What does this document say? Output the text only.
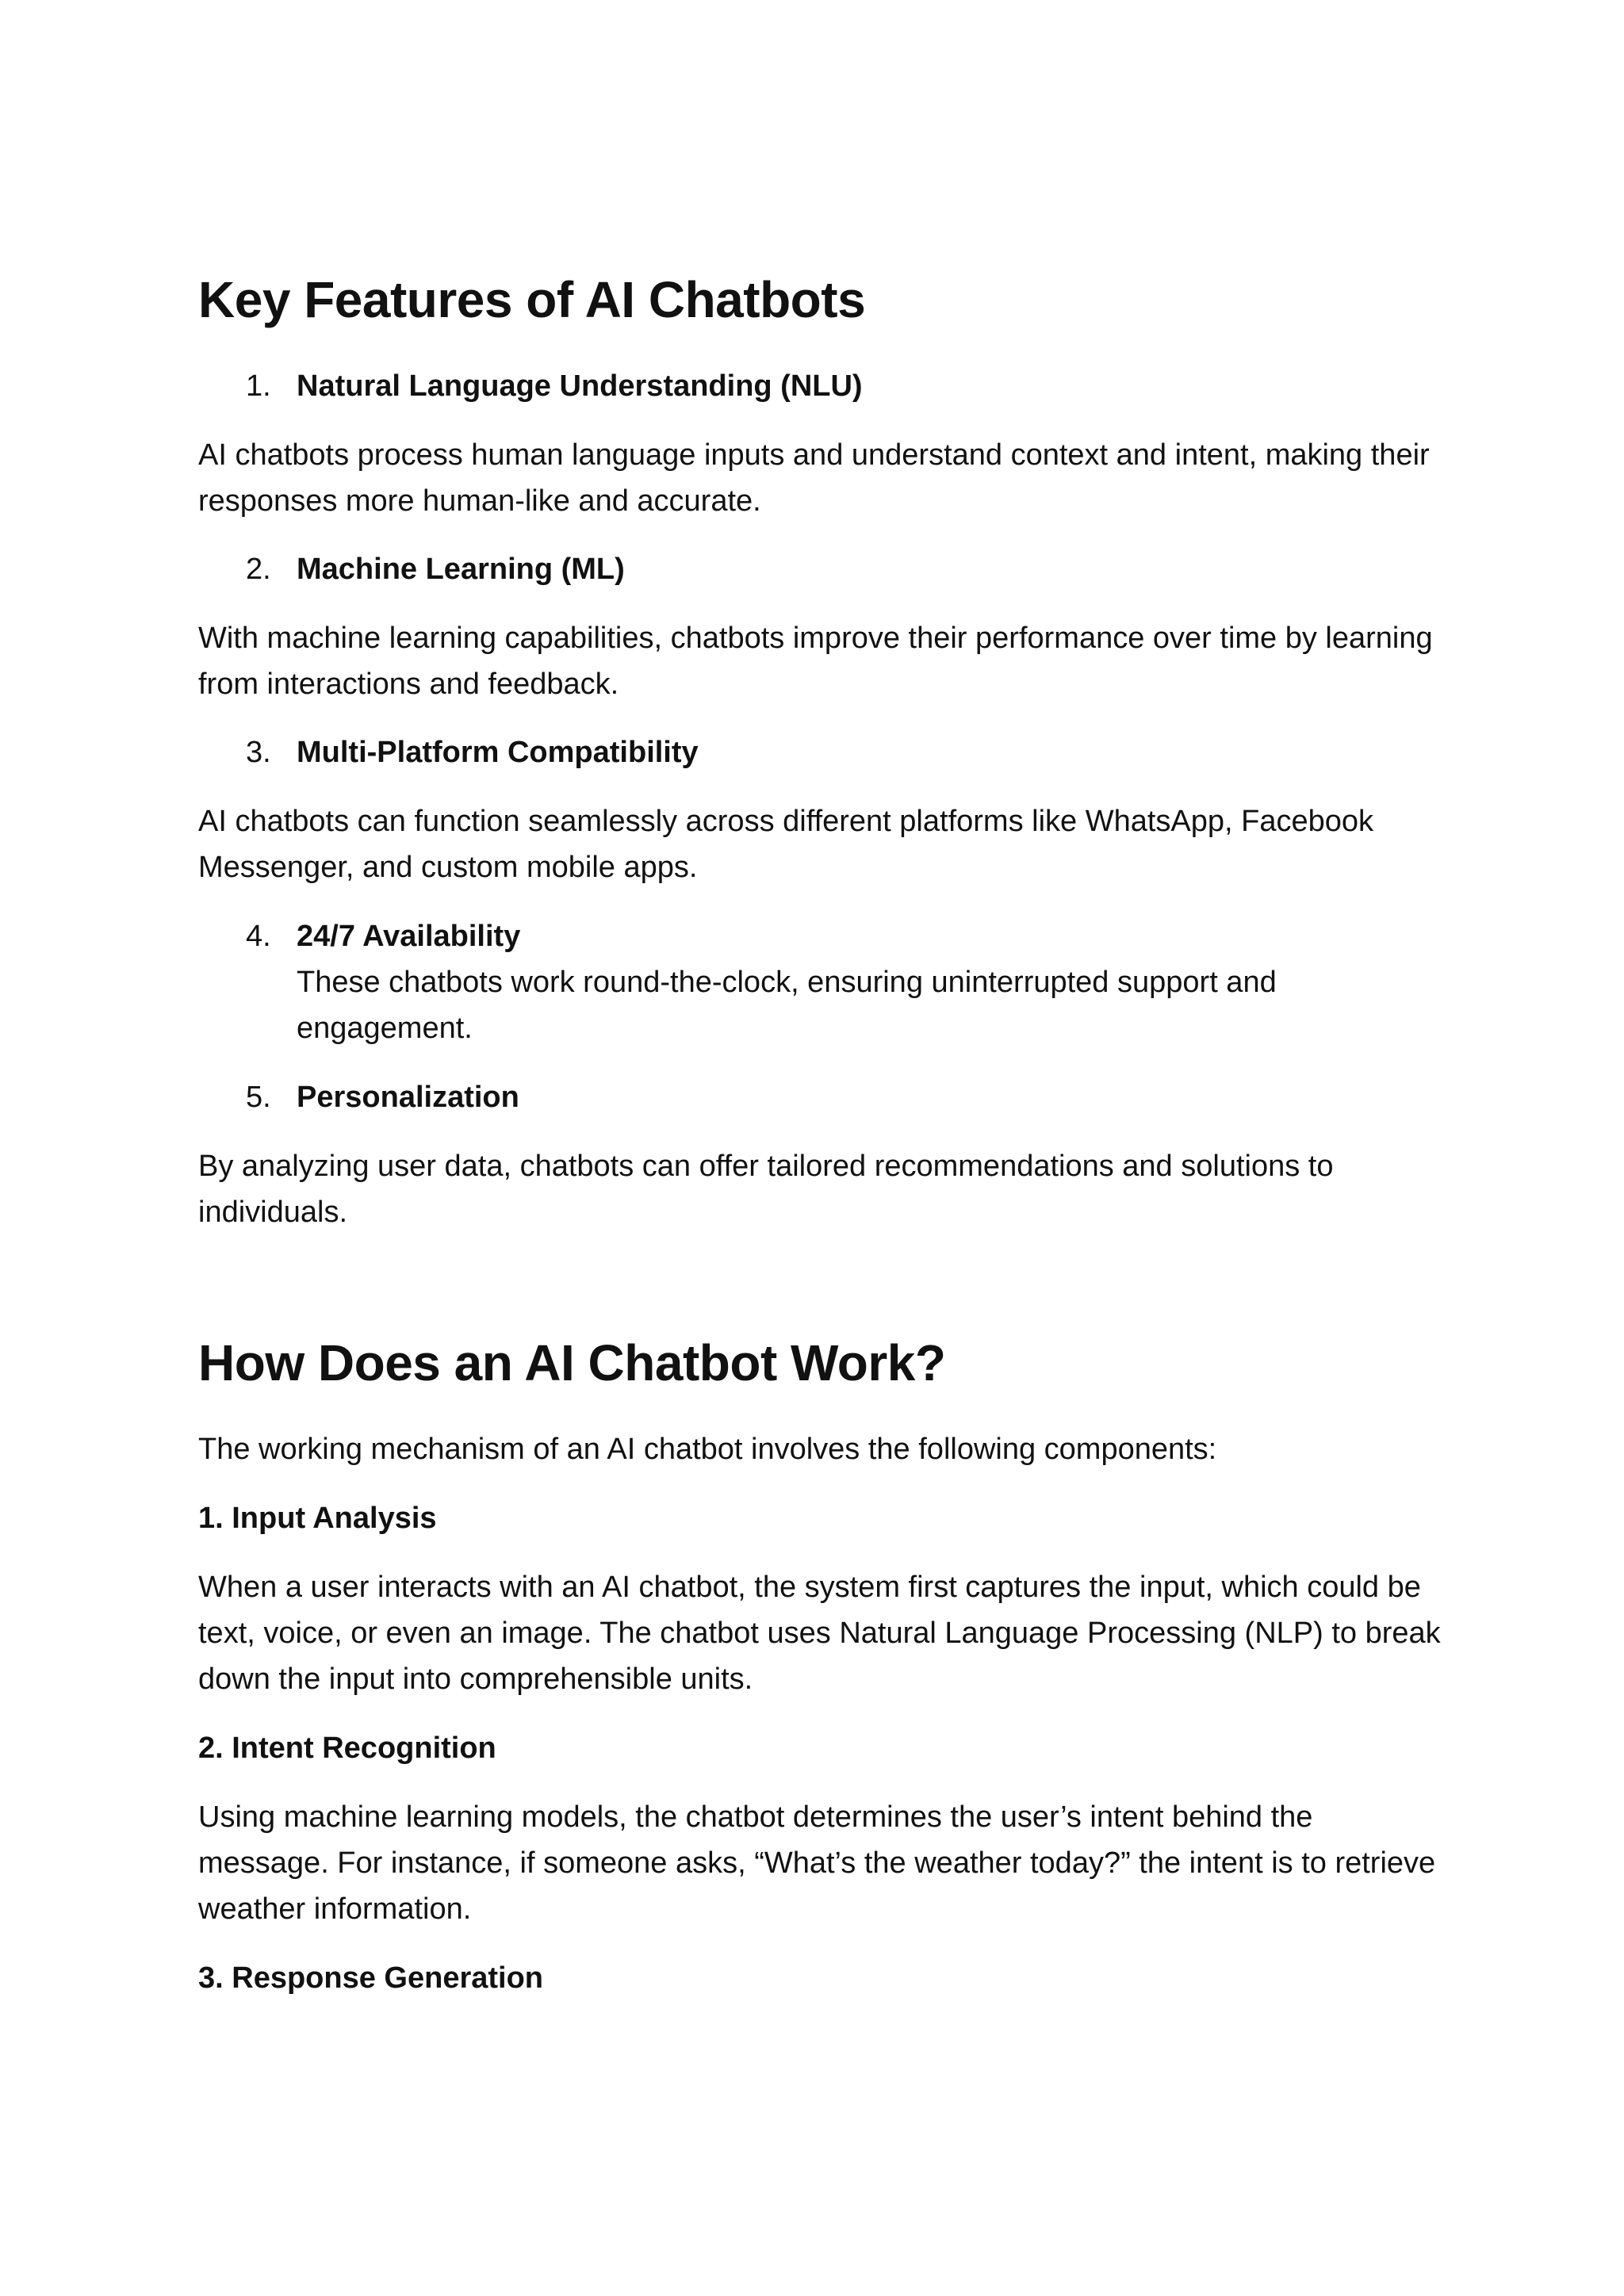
Key Features of AI Chatbots
1. Natural Language Understanding (NLU)

AI chatbots process human language inputs and understand context and intent, making their responses more human-like and accurate.

2. Machine Learning (ML)

With machine learning capabilities, chatbots improve their performance over time by learning from interactions and feedback.

3. Multi-Platform Compatibility

AI chatbots can function seamlessly across different platforms like WhatsApp, Facebook Messenger, and custom mobile apps.

4. 24/7 Availability
These chatbots work round-the-clock, ensuring uninterrupted support and engagement.
5. Personalization

By analyzing user data, chatbots can offer tailored recommendations and solutions to individuals.

How Does an AI Chatbot Work?

The working mechanism of an AI chatbot involves the following components:

1. Input Analysis

When a user interacts with an AI chatbot, the system first captures the input, which could be text, voice, or even an image. The chatbot uses Natural Language Processing (NLP) to break down the input into comprehensible units.

2. Intent Recognition

Using machine learning models, the chatbot determines the user’s intent behind the message. For instance, if someone asks, “What’s the weather today?” the intent is to retrieve weather information.

3. Response Generation
